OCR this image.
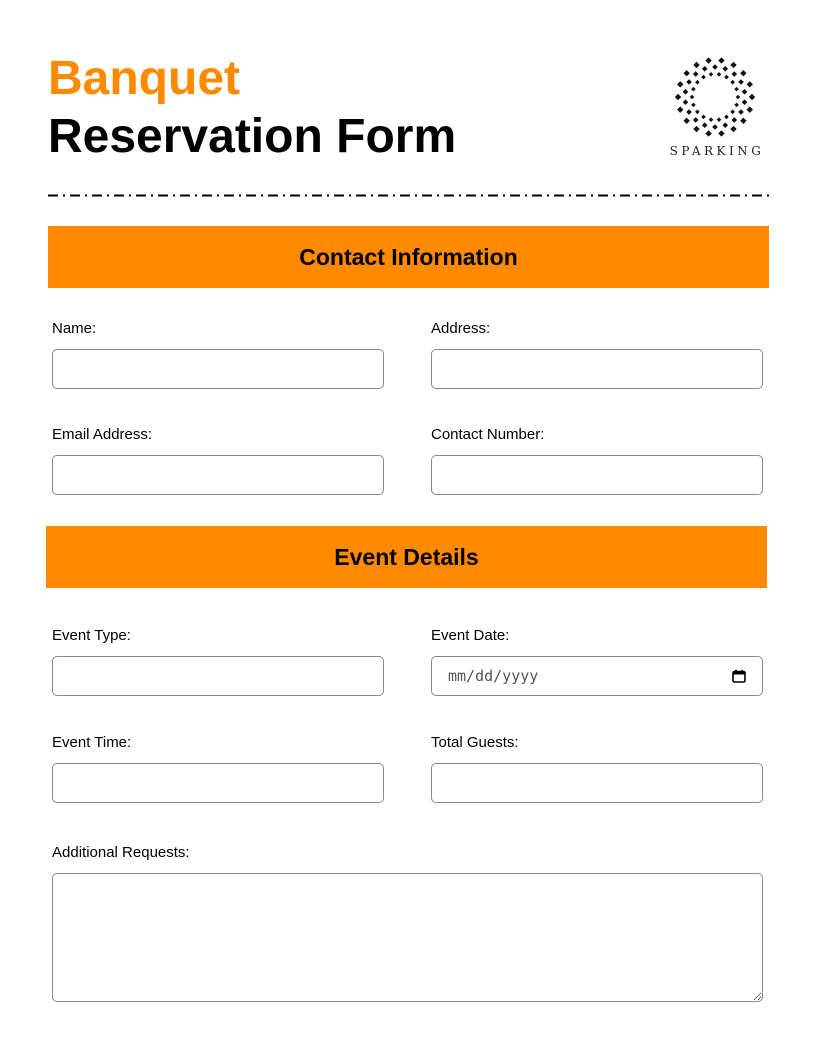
Banquet
Reservation Form	SPARKING
Contact Information
Name:	Address:
Email Address:	Contact Number:
Event Details
Event Type:	Event Date:
mm/dd/yyyy
Event Time:	Total Guests:
Additional Requests:
